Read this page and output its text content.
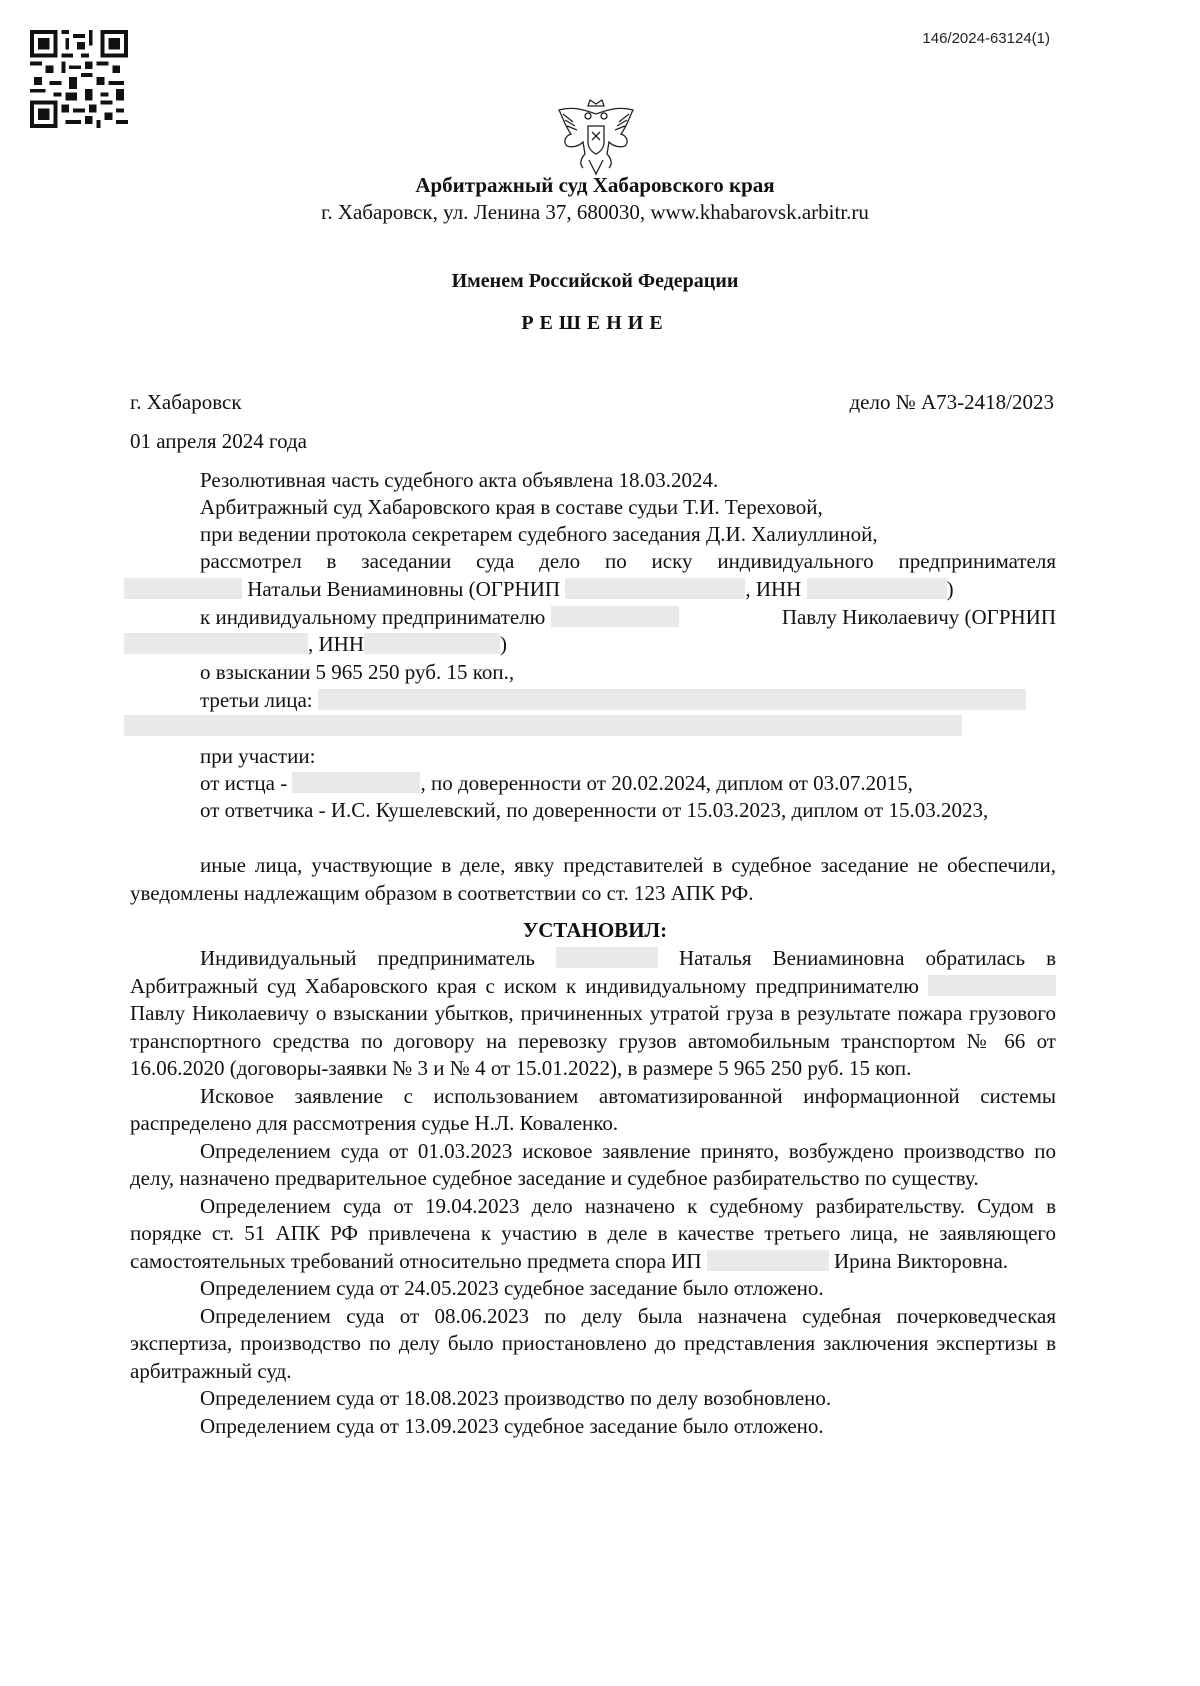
146/2024-63124(1)
Арбитражный суд Хабаровского края
г. Хабаровск, ул. Ленина 37, 680030, www.khabarovsk.arbitr.ru
Именем Российской Федерации
РЕШЕНИЕ
г. Хабаровск	дело № А73-2418/2023
01 апреля 2024 года
Резолютивная часть судебного акта объявлена 18.03.2024.
Арбитражный суд Хабаровского края в составе судьи Т.И. Тереховой,
при ведении протокола секретарем судебного заседания Д.И. Халиуллиной,

рассмотрел в заседании суда дело по иску индивидуального предпринимателя

Натальи Вениаминовны (ОГРНИП	, ИНН	)
к индивидуальному предпринимателю	Павлу Николаевичу (ОГРНИП
, ИНН	)
о взыскании 5 965 250 руб. 15 коп.,
третьи лица:
при участии:
от истца -	, по доверенности от 20.02.2024, диплом от 03.07.2015,

от ответчика - И.С. Кушелевский, по доверенности от 15.03.2023, диплом от 15.03.2023,

иные лица, участвующие в деле, явку представителей в судебное заседание не обеспечили, уведомлены надлежащим образом в соответствии со ст. 123 АПК РФ.

УСТАНОВИЛ:

Индивидуальный предприниматель	Наталья Вениаминовна обратилась в Арбитражный суд Хабаровского края с иском к индивидуальному предпринимателю  Павлу Николаевичу о взыскании убытков, причиненных утратой груза в результате пожара грузового транспортного средства по договору на перевозку грузов автомобильным транспортом № 66 от 16.06.2020 (договоры-заявки № 3 и № 4 от 15.01.2022), в размере 5 965 250 руб. 15 коп.

Исковое заявление с использованием автоматизированной информационной системы распределено для рассмотрения судье Н.Л. Коваленко.

Определением суда от 01.03.2023 исковое заявление принято, возбуждено производство по делу, назначено предварительное судебное заседание и судебное разбирательство по существу.

Определением суда от 19.04.2023 дело назначено к судебному разбирательству. Судом в порядке ст. 51 АПК РФ привлечена к участию в деле в качестве третьего лица, не заявляющего самостоятельных требований относительно предмета спора ИП	Ирина Викторовна.

Определением суда от 24.05.2023 судебное заседание было отложено.

Определением суда от 08.06.2023 по делу была назначена судебная почерковедческая экспертиза, производство по делу было приостановлено до представления заключения экспертизы в арбитражный суд.

Определением суда от 18.08.2023 производство по делу возобновлено.

Определением суда от 13.09.2023 судебное заседание было отложено.
